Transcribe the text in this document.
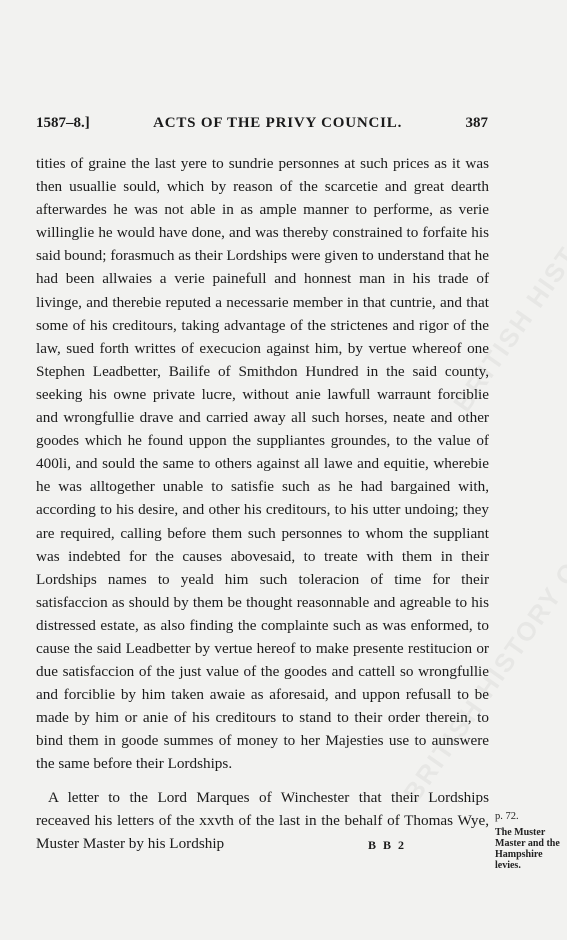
1587–8.]	ACTS OF THE PRIVY COUNCIL.	387

tities of graine the last yere to sundrie personnes at such prices as it was then usuallie sould, which by reason of the scarcetie and great dearth afterwardes he was not able in as ample manner to performe, as verie willinglie he would have done, and was thereby constrained to forfaite his said bound; forasmuch as their Lordships were given to understand that he had been allwaies a verie painefull and honnest man in his trade of livinge, and therebie reputed a necessarie member in that cuntrie, and that some of his creditours, taking advantage of the strictenes and rigor of the law, sued forth writtes of execucion against him, by vertue whereof one Stephen Leadbetter, Bailife of Smithdon Hundred in the said county, seeking his owne private lucre, without anie lawfull warraunt forciblie and wrongfullie drave and carried away all such horses, neate and other goodes which he found uppon the suppliantes groundes, to the value of 400li, and sould the same to others against all lawe and equitie, wherebie he was alltogether unable to satisfie such as he had bargained with, according to his desire, and other his creditours, to his utter undoing; they are required, calling before them such personnes to whom the suppliant was indebted for the causes abovesaid, to treate with them in their Lordships names to yeald him such toleracion of time for their satisfaccion as should by them be thought reasonnable and agreable to his distressed estate, as also finding the complainte such as was enformed, to cause the said Leadbetter by vertue hereof to make presente restitucion or due satisfaccion of the just value of the goodes and cattell so wrongfullie and forciblie by him taken awaie as aforesaid, and uppon refusall to be made by him or anie of his creditours to stand to their order therein, to bind them in goode summes of money to her Majesties use to aunswere the same before their Lordships.

A letter to the Lord Marques of Winchester that their Lordships receaved his letters of the xxvth of the last in the behalf of Thomas Wye, Muster Master by his Lordship

p. 72.
The Muster Master and the Hampshire levies.
B B 2
